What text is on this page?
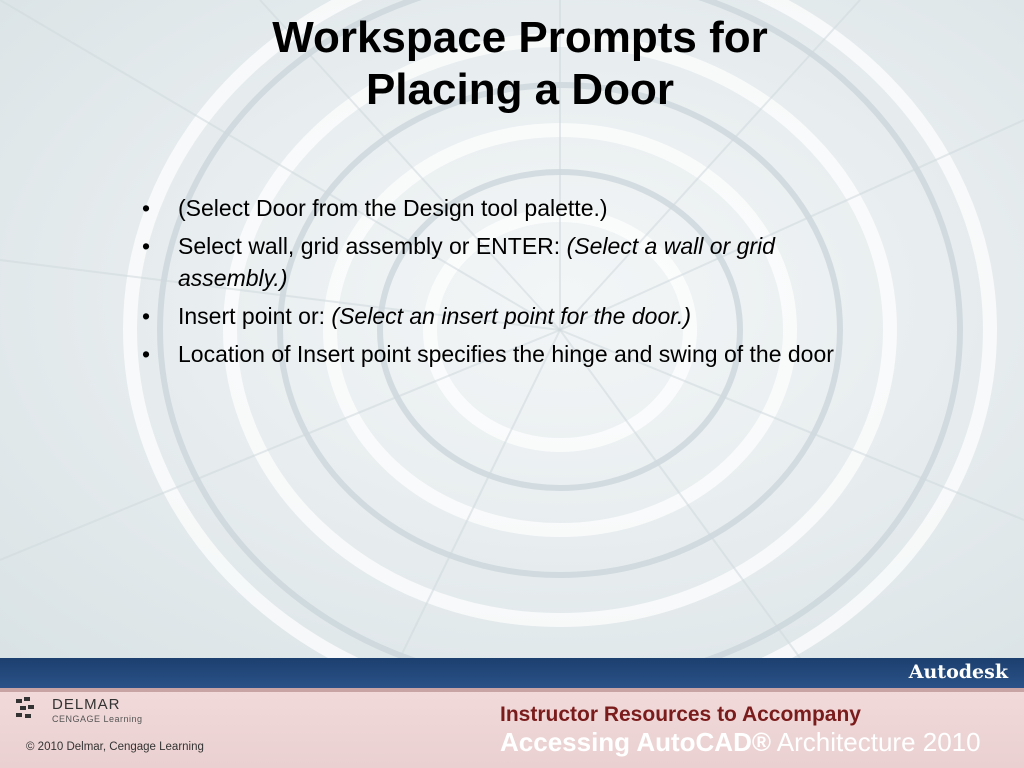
Workspace Prompts for
Placing a Door
• (Select Door from the Design tool palette.)
• Select wall, grid assembly or ENTER: (Select a wall or grid assembly.)
• Insert point or: (Select an insert point for the door.)
• Location of Insert point specifies the hinge and swing of the door
Autodesk
DELMAR
CENGAGE Learning
© 2010 Delmar, Cengage Learning
Instructor Resources to Accompany
Accessing AutoCAD® Architecture 2010
